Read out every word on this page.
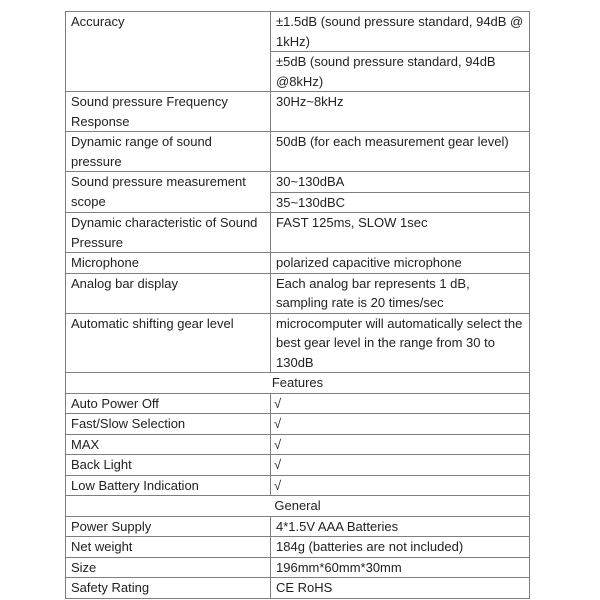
Accuracy	±1.5dB (sound pressure standard, 94dB @ 1kHz)
	±5dB (sound pressure standard, 94dB @8kHz)
Sound pressure Frequency Response	30Hz~8kHz
Dynamic range of sound pressure	50dB (for each measurement gear level)
Sound pressure measurement scope	30~130dBA
	35~130dBC
Dynamic characteristic of Sound Pressure	FAST 125ms, SLOW 1sec
Microphone	polarized capacitive microphone
Analog bar display	Each analog bar represents 1 dB, sampling rate is 20 times/sec
Automatic shifting gear level	microcomputer will automatically select the best gear level in the range from 30 to 130dB
Features	
Auto Power Off	√
Fast/Slow Selection	√
MAX	√
Back Light	√
Low Battery Indication	√
General	
Power Supply	4*1.5V AAA Batteries
Net weight	184g (batteries are not included)
Size	196mm*60mm*30mm
Safety Rating	CE RoHS
